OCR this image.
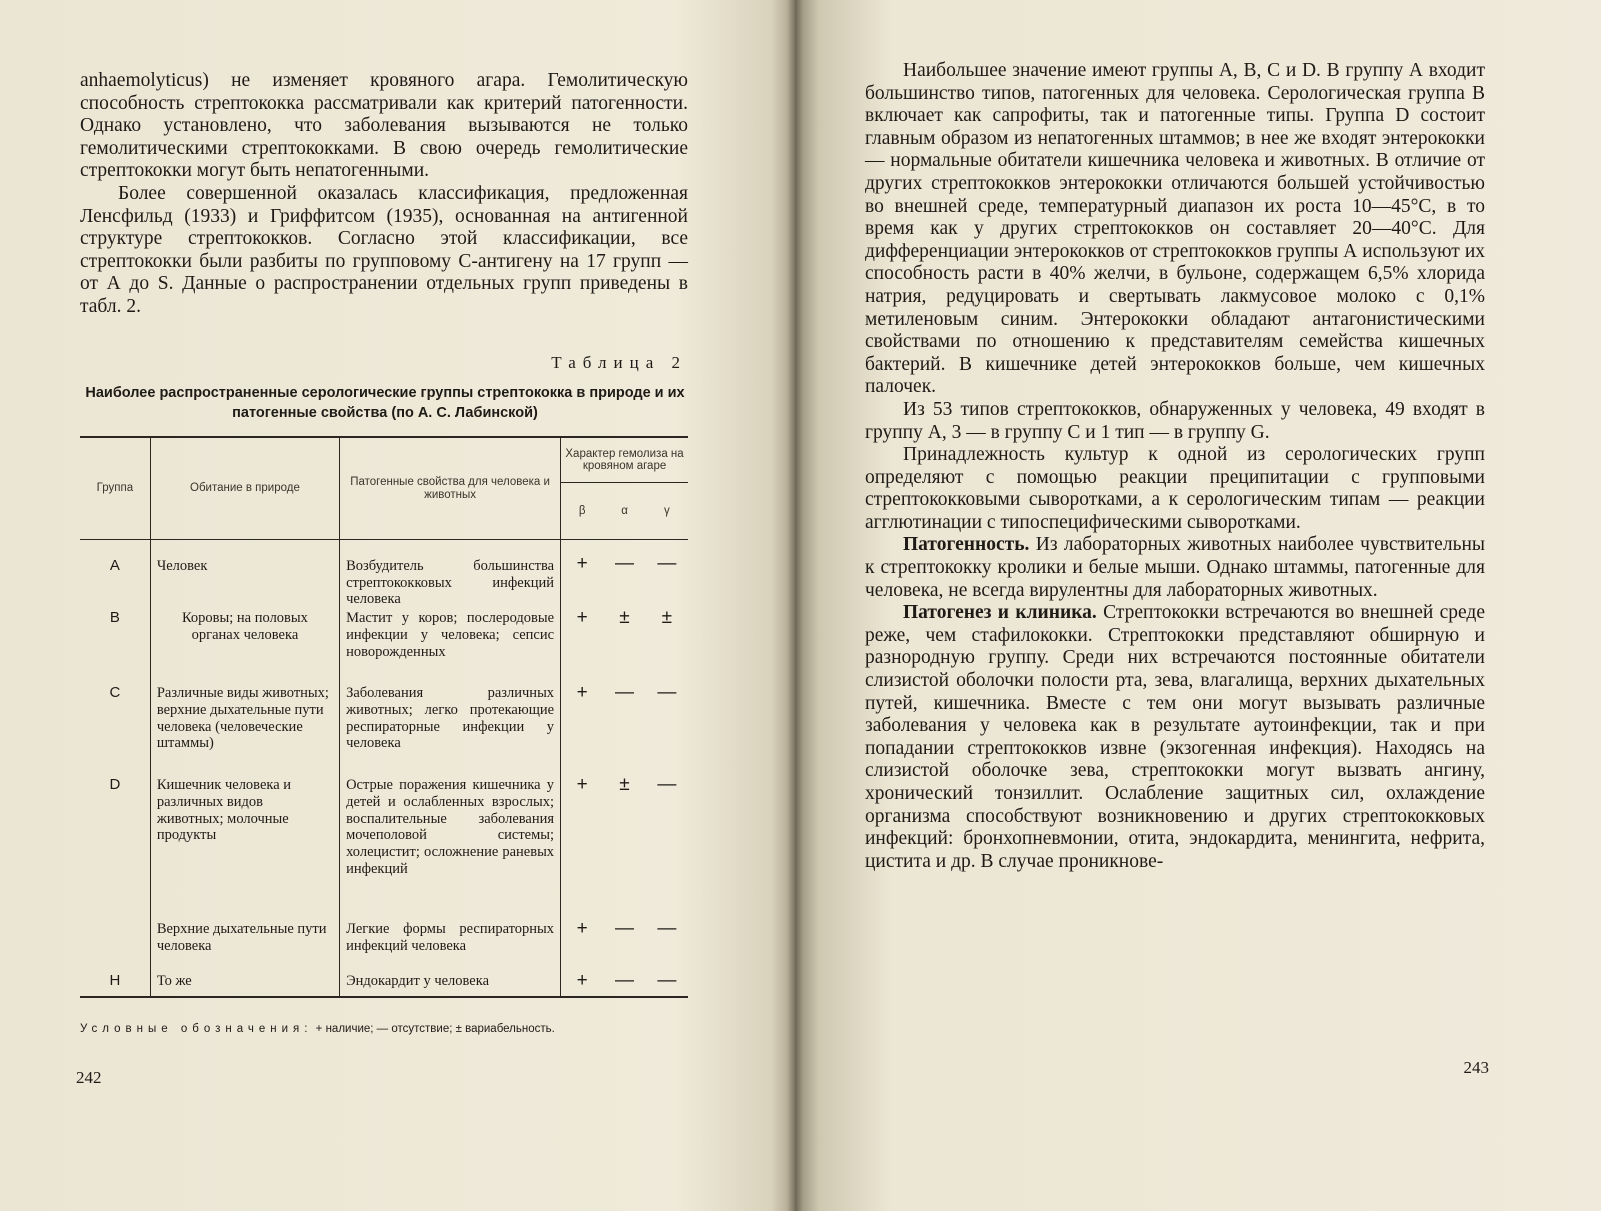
anhaemolyticus) не изменяет кровяного агара. Гемолитическую способность стрептококка рассматривали как критерий патогенности. Однако установлено, что заболевания вызываются не только гемолитическими стрептококками. В свою очередь гемолитические стрептококки могут быть непатогенными.

Более совершенной оказалась классификация, предложенная Ленсфильд (1933) и Гриффитсом (1935), основанная на антигенной структуре стрептококков. Согласно этой классификации, все стрептококки были разбиты по групповому С-антигену на 17 групп — от А до S. Данные о распространении отдельных групп приведены в табл. 2.

Таблица 2
Наиболее распространенные серологические группы стрептококка в природе и их патогенные свойства (по А. С. Лабинской)
Группа	Обитание в природе	Патогенные свойства для человека и животных	Характер гемолиза на кровяном агаре		
			β	α	γ
A	Человек	Возбудитель большинства стрептококковых инфекций человека	+	—	—
B	Коровы; на половых органах человека	Мастит у коров; послеродовые инфекции у человека; сепсис новорожденных	+	±	±
C	Различные виды животных; верхние дыхательные пути человека (человеческие штаммы)	Заболевания различных животных; легко протекающие респираторные инфекции у человека	+	—	—
D	Кишечник человека и различных видов животных; молочные продукты	Острые поражения кишечника у детей и ослабленных взрослых; воспалительные заболевания мочеполовой системы; холецистит; осложнение раневых инфекций	+	±	—
	Верхние дыхательные пути человека	Легкие формы респираторных инфекций человека	+	—	—
H	То же	Эндокардит у человека	+	—	—
Условные обозначения: + наличие; — отсутствие; ± вариабельность.
242

Наибольшее значение имеют группы А, В, С и D. В группу А входит большинство типов, патогенных для человека. Серологическая группа В включает как сапрофиты, так и патогенные типы. Группа D состоит главным образом из непатогенных штаммов; в нее же входят энтерококки — нормальные обитатели кишечника человека и животных. В отличие от других стрептококков энтерококки отличаются большей устойчивостью во внешней среде, температурный диапазон их роста 10—45°С, в то время как у других стрептококков он составляет 20—40°С. Для дифференциации энтерококков от стрептококков группы А используют их способность расти в 40% желчи, в бульоне, содержащем 6,5% хлорида натрия, редуцировать и свертывать лакмусовое молоко с 0,1% метиленовым синим. Энтерококки обладают антагонистическими свойствами по отношению к представителям семейства кишечных бактерий. В кишечнике детей энтерококков больше, чем кишечных палочек.

Из 53 типов стрептококков, обнаруженных у человека, 49 входят в группу А, 3 — в группу С и 1 тип — в группу G.

Принадлежность культур к одной из серологических групп определяют с помощью реакции преципитации с групповыми стрептококковыми сыворотками, а к серологическим типам — реакции агглютинации с типоспецифическими сыворотками.

Патогенность. Из лабораторных животных наиболее чувствительны к стрептококку кролики и белые мыши. Однако штаммы, патогенные для человека, не всегда вирулентны для лабораторных животных.

Патогенез и клиника. Стрептококки встречаются во внешней среде реже, чем стафилококки. Стрептококки представляют обширную и разнородную группу. Среди них встречаются постоянные обитатели слизистой оболочки полости рта, зева, влагалища, верхних дыхательных путей, кишечника. Вместе с тем они могут вызывать различные заболевания у человека как в результате аутоинфекции, так и при попадании стрептококков извне (экзогенная инфекция). Находясь на слизистой оболочке зева, стрептококки могут вызвать ангину, хронический тонзиллит. Ослабление защитных сил, охлаждение организма способствуют возникновению и других стрептококковых инфекций: бронхопневмонии, отита, эндокардита, менингита, нефрита, цистита и др. В случае проникнове-

243
